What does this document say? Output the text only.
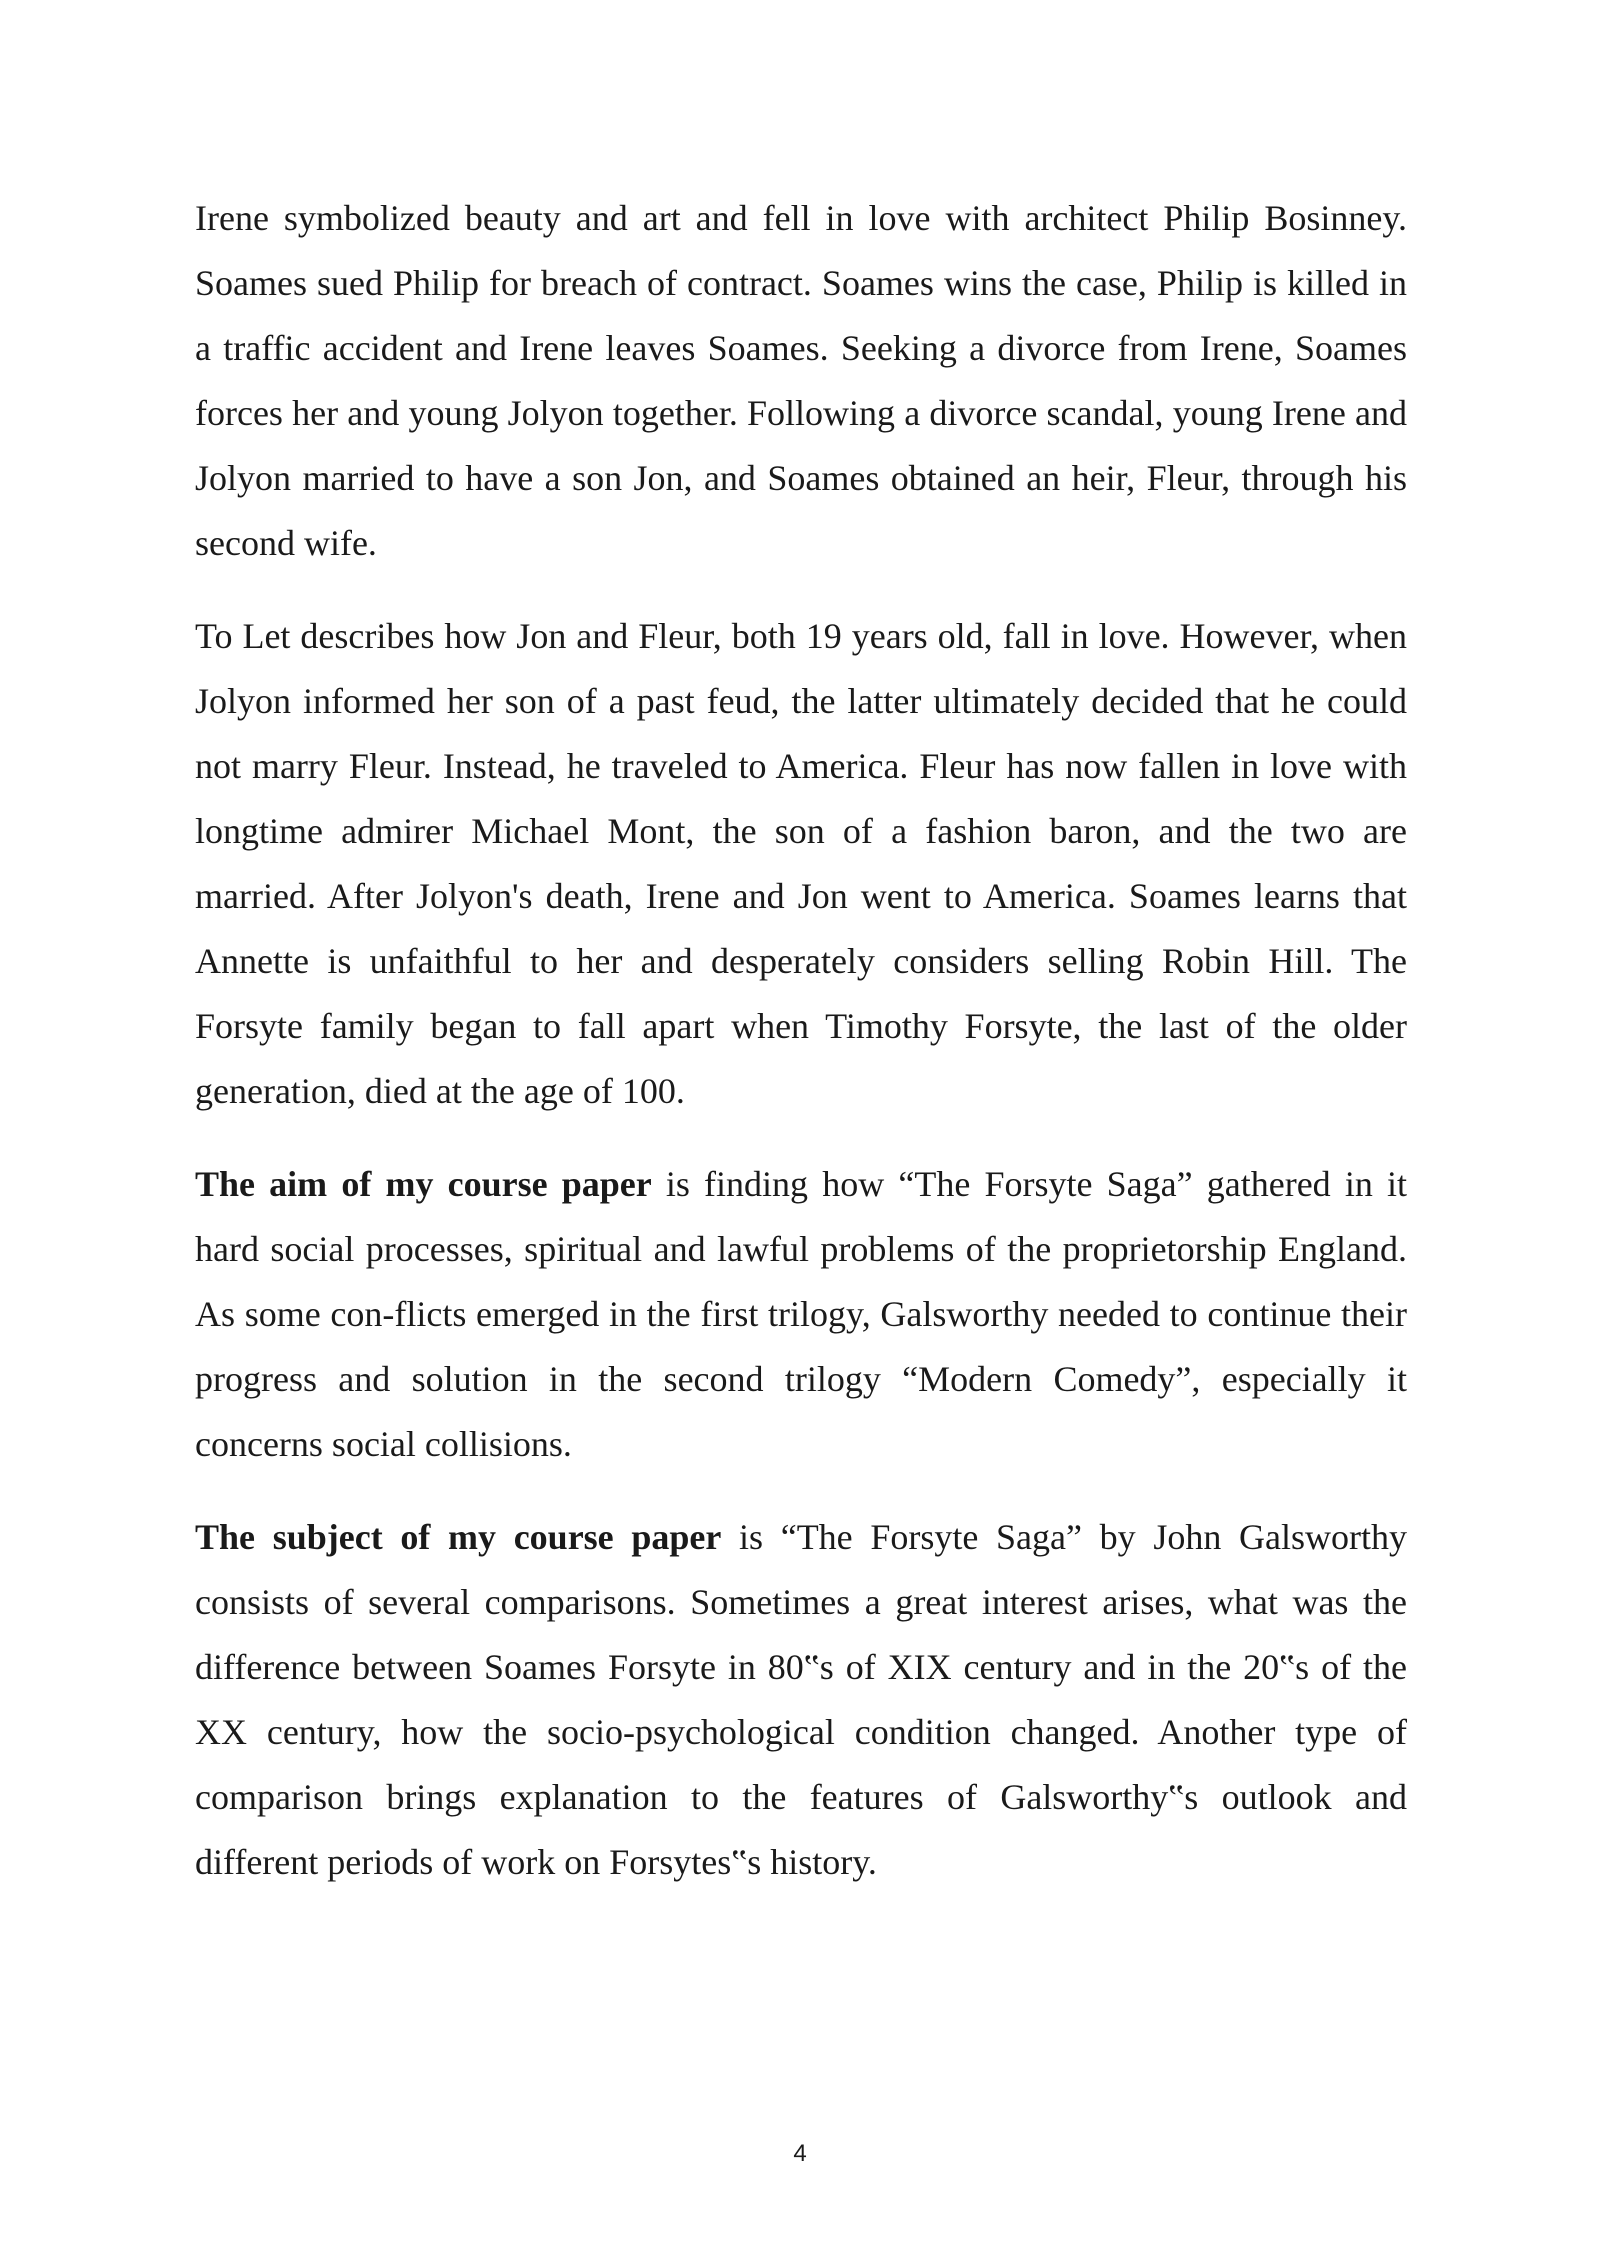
Irene symbolized beauty and art and fell in love with architect Philip Bosinney. Soames sued Philip for breach of contract. Soames wins the case, Philip is killed in a traffic accident and Irene leaves Soames. Seeking a divorce from Irene, Soames forces her and young Jolyon together. Following a divorce scandal, young Irene and Jolyon married to have a son Jon, and Soames obtained an heir, Fleur, through his second wife.

To Let describes how Jon and Fleur, both 19 years old, fall in love. However, when Jolyon informed her son of a past feud, the latter ultimately decided that he could not marry Fleur. Instead, he traveled to America. Fleur has now fallen in love with longtime admirer Michael Mont, the son of a fashion baron, and the two are married. After Jolyon's death, Irene and Jon went to America. Soames learns that Annette is unfaithful to her and desperately considers selling Robin Hill. The Forsyte family began to fall apart when Timothy Forsyte, the last of the older generation, died at the age of 100.

The aim of my course paper is finding how “The Forsyte Saga” gathered in it hard social processes, spiritual and lawful problems of the proprietorship England. As some con-flicts emerged in the first trilogy, Galsworthy needed to continue their progress and solution in the second trilogy “Modern Comedy”, especially it concerns social collisions.

The subject of my course paper is “The Forsyte Saga” by John Galsworthy consists of several comparisons. Sometimes a great interest arises, what was the difference between Soames Forsyte in 80‟s of XIX century and in the 20‟s of the XX century, how the socio-psychological condition changed. Another type of comparison brings explanation to the features of Galsworthy‟s outlook and different periods of work on Forsytes‟s history.

4
